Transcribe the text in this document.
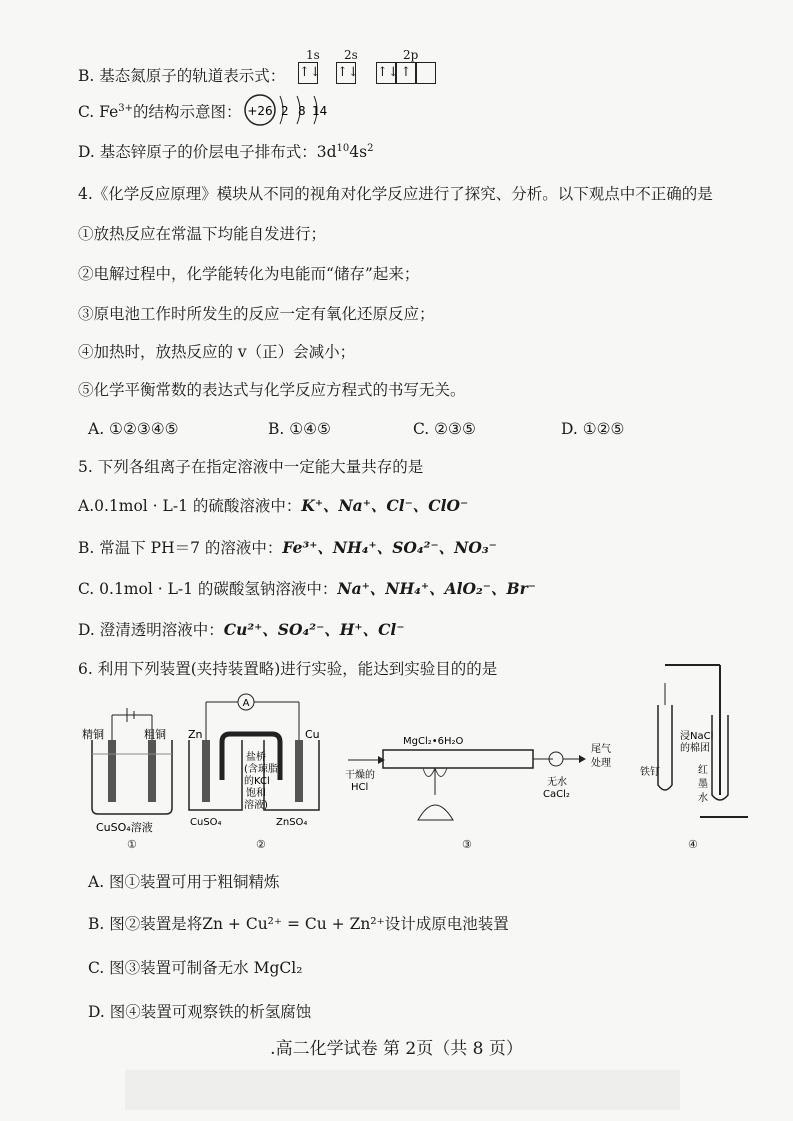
B. 基态氮原子的轨道表示式：
1s 2s	2p
↑↓ ↑↓ ↑↓ ↑
C. $Fe^{3+}$的结构示意图： +26 2 8 14
D. 基态锌原子的价层电子排布式：$3d^{10}4s^2$
4.《化学反应原理》模块从不同的视角对化学反应进行了探究、分析。以下观点中不正确的是
①放热反应在常温下均能自发进行；
②电解过程中，化学能转化为电能而“储存”起来；
③原电池工作时所发生的反应一定有氧化还原反应；
④加热时，放热反应的 v（正）会减小；
⑤化学平衡常数的表达式与化学反应方程式的书写无关。
A. ①②③④⑤	B. ①④⑤	C. ②③⑤	D. ①②⑤
5. 下列各组离子在指定溶液中一定能大量共存的是
A.0.1mol · L-1 的硫酸溶液中：K⁺、Na⁺、Cl⁻、ClO⁻
B. 常温下 PH＝7 的溶液中：Fe³⁺、NH₄⁺、SO₄²⁻、NO₃⁻
C. 0.1mol · L-1 的碳酸氢钠溶液中：Na⁺、NH₄⁺、AlO₂⁻、Br⁻
D. 澄清透明溶液中：Cu²⁺、SO₄²⁻、H⁺、Cl⁻
6. 利用下列装置(夹持装置略)进行实验，能达到实验目的的是
精铜	粗铜
CuSO₄溶液
①
A
Zn	Cu
盐桥
(含琼脂
的KCl
饱和
溶液)
CuSO₄	ZnSO₄
②
MgCl₂•6H₂O
干燥的
HCl	无水
CaCl₂
尾气
处理
③
浸NaCl
的棉团
铁钉	红
墨
水
④
A. 图①装置可用于粗铜精炼
B. 图②装置是将Zn + Cu²⁺ = Cu + Zn²⁺设计成原电池装置
C. 图③装置可制备无水 MgCl₂
D. 图④装置可观察铁的析氢腐蚀
.高二化学试卷 第 2页（共 8 页）
